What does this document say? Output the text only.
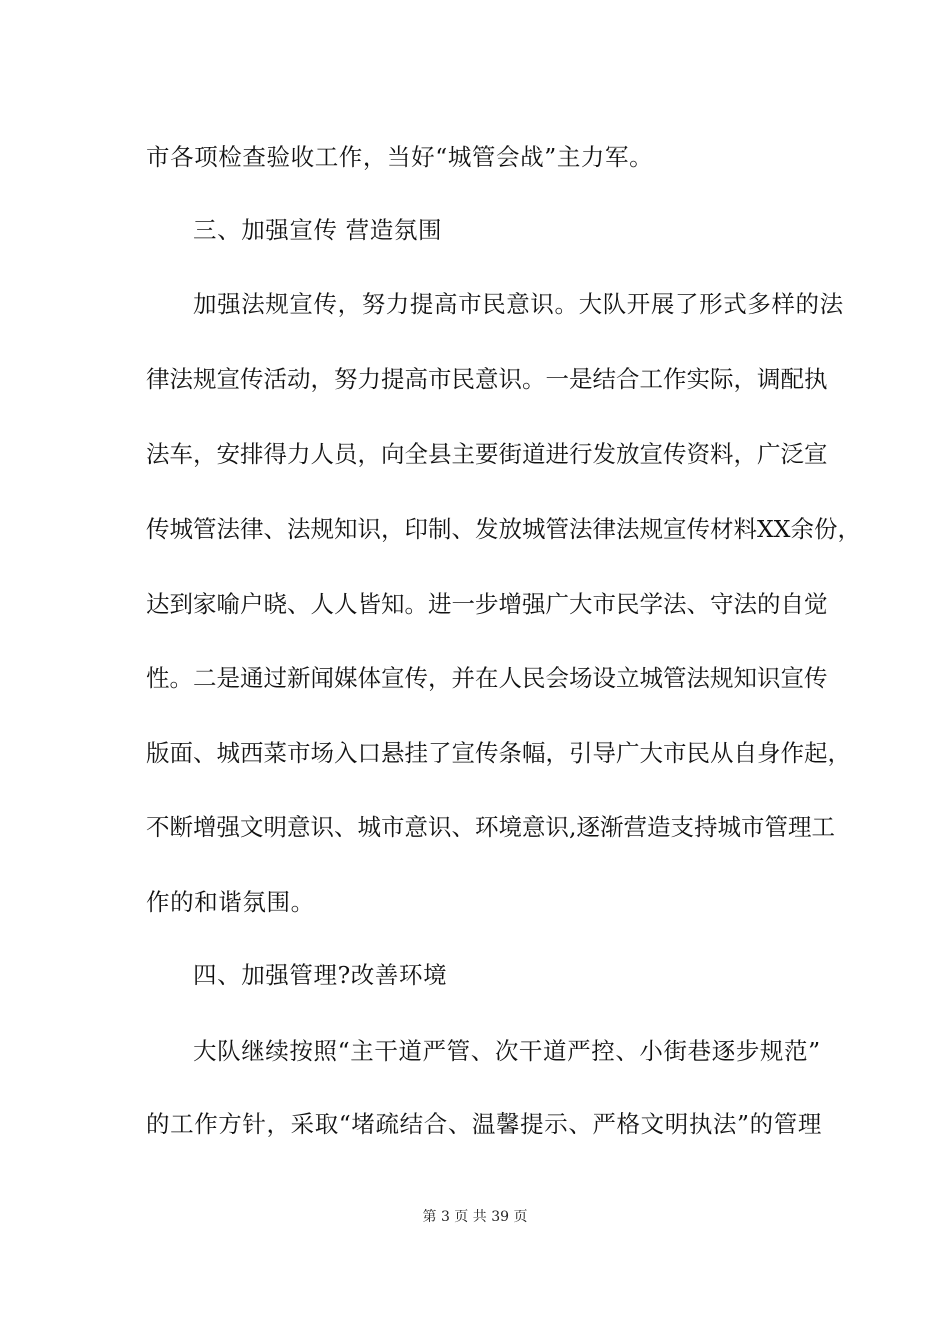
市各项检查验收工作，当好“城管会战”主力军。
三、加强宣传 营造氛围
加强法规宣传，努力提高市民意识。大队开展了形式多样的法
律法规宣传活动，努力提高市民意识。一是结合工作实际，调配执
法车，安排得力人员，向全县主要街道进行发放宣传资料，广泛宣
传城管法律、法规知识，印制、发放城管法律法规宣传材料XX余份，
达到家喻户晓、人人皆知。进一步增强广大市民学法、守法的自觉
性。二是通过新闻媒体宣传，并在人民会场设立城管法规知识宣传
版面、城西菜市场入口悬挂了宣传条幅，引导广大市民从自身作起，
不断增强文明意识、城市意识、环境意识,逐渐营造支持城市管理工
作的和谐氛围。
四、加强管理?改善环境
大队继续按照“主干道严管、次干道严控、小街巷逐步规范”
的工作方针，采取“堵疏结合、温馨提示、严格文明执法”的管理
第 3 页 共 39 页
